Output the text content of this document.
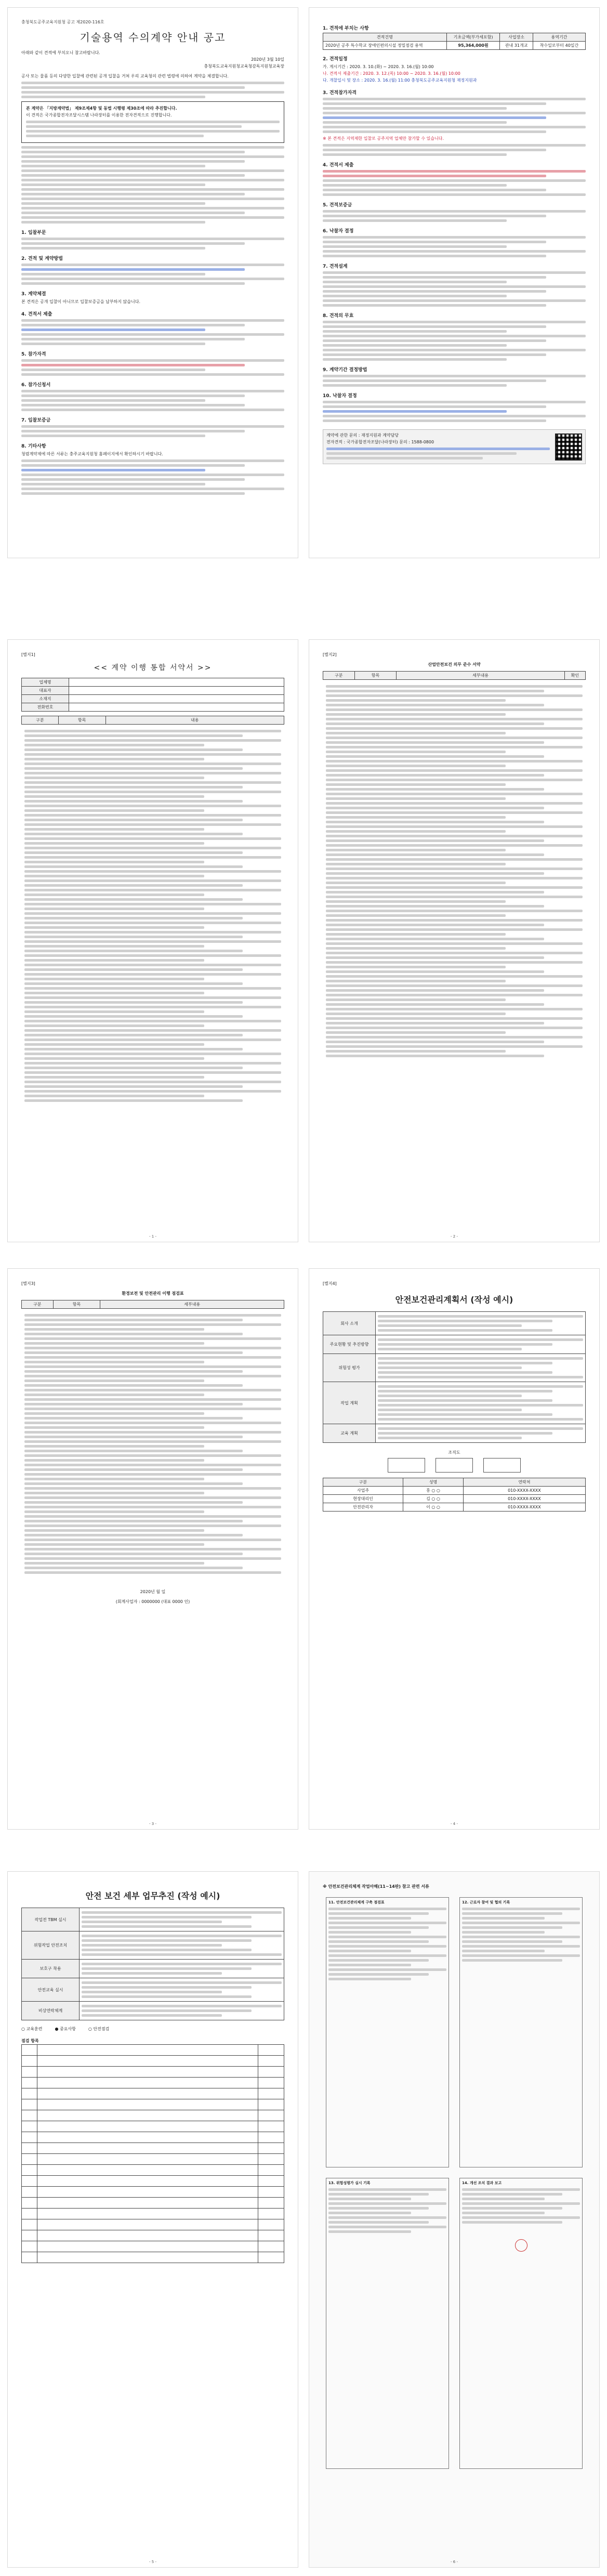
충청북도공주교육지원청 공고 제2020-116호
기술용역 수의계약 안내 공고
아래와 같이 견적에 부치오니 참고바랍니다.
2020년 3월 10일
충청북도교육지원청교육청감독지원청교육장
공사 또는 물품 등의 다양한 입찰에 관련된 공개 입찰을 거쳐 우리 교육청의 관련 법령에 의하여 계약을 체결합니다.
본 계약은 「지방계약법」 제9조제4항 및 동법 시행령 제30조에 따라 추진합니다.
이 견적은 국가종합전자조달시스템 나라장터를 이용한 전자견적으로 진행합니다.
1. 입찰부문
2. 견적 및 계약방법
3. 계약체결
본 견적은 공개 입찰이 아니므로 입찰보증금을 납부하지 않습니다.
4. 견적서 제출
5. 참가자격
6. 참가신청서
7. 입찰보증금
8. 기타사항
청렴계약제에 따른 서류는 충주교육지원청 홈페이지에서 확인하시기 바랍니다.
1. 견적에 부치는 사항
견적건명	기초금액(부가세포함)	사업장소	용역기간
2020년 공주 특수학교 장애인편의시설 정밀점검 용역	95,364,000원	관내 31개교	착수일로부터 40일간
2. 견적일정
가. 게시기간 : 2020. 3. 10.(화) ~ 2020. 3. 16.(월) 10:00
나. 견적서 제출기간 : 2020. 3. 12.(목) 10:00 ~ 2020. 3. 16.(월) 10:00
다. 개찰일시 및 장소 : 2020. 3. 16.(월) 11:00 충청북도공주교육지원청 재정지원과
3. 견적참가자격
※ 본 견적은 지역제한 입찰로 공주지역 업체만 참가할 수 있습니다.
4. 견적서 제출
5. 견적보증금
6. 낙찰자 결정
7. 견적설계
8. 견적의 무효
9. 계약기간 결정방법
10. 낙찰자 결정
계약에 관한 문의 : 재정지원과 계약담당
전자견적 : 국가종합전자조달(나라장터) 문의 : 1588-0800
[별지1]
<< 계약 이행 통합 서약서 >>
업체명	
대표자	
소재지	
전화번호	
구분	항목	내용
- 1 -
[별지2]
산업안전보건 의무 준수 서약
구분	항목	세부내용	확인
- 2 -
[별지3]
환경보전 및 안전관리 이행 점검표
구분	항목	세부내용
2020년 월 일
(회계사업자 : 0000000 (대표 0000 인)
- 3 -
[별지4]
안전보건관리계획서 (작성 예시)
회사 소개	

주요현황 및 추진방향	

위험성 평가	

작업 계획	

교육 계획	
조직도
구분	성명	연락처
사업주	홍 ○ ○	010-XXXX-XXXX
현장대리인	김 ○ ○	010-XXXX-XXXX
안전관리자	이 ○ ○	010-XXXX-XXXX
- 4 -
안전 보건 세부 업무추진 (작성 예시)
작업전 TBM 실시	

위험작업 안전조치	

보호구 착용	

안전교육 실시	

비상연락체계	
○ 교육훈련	● 중요사항	○ 안전점검
점검 항목

- 5 -
※ 안전보건관리체계 작업아해(11~14판) 참고 관련 서류
11. 안전보건관리체계 구축 점검표	12. 근로자 참여 및 협의 기록
13. 위험성평가 실시 기록	14. 개선 조치 결과 보고
- 6 -
